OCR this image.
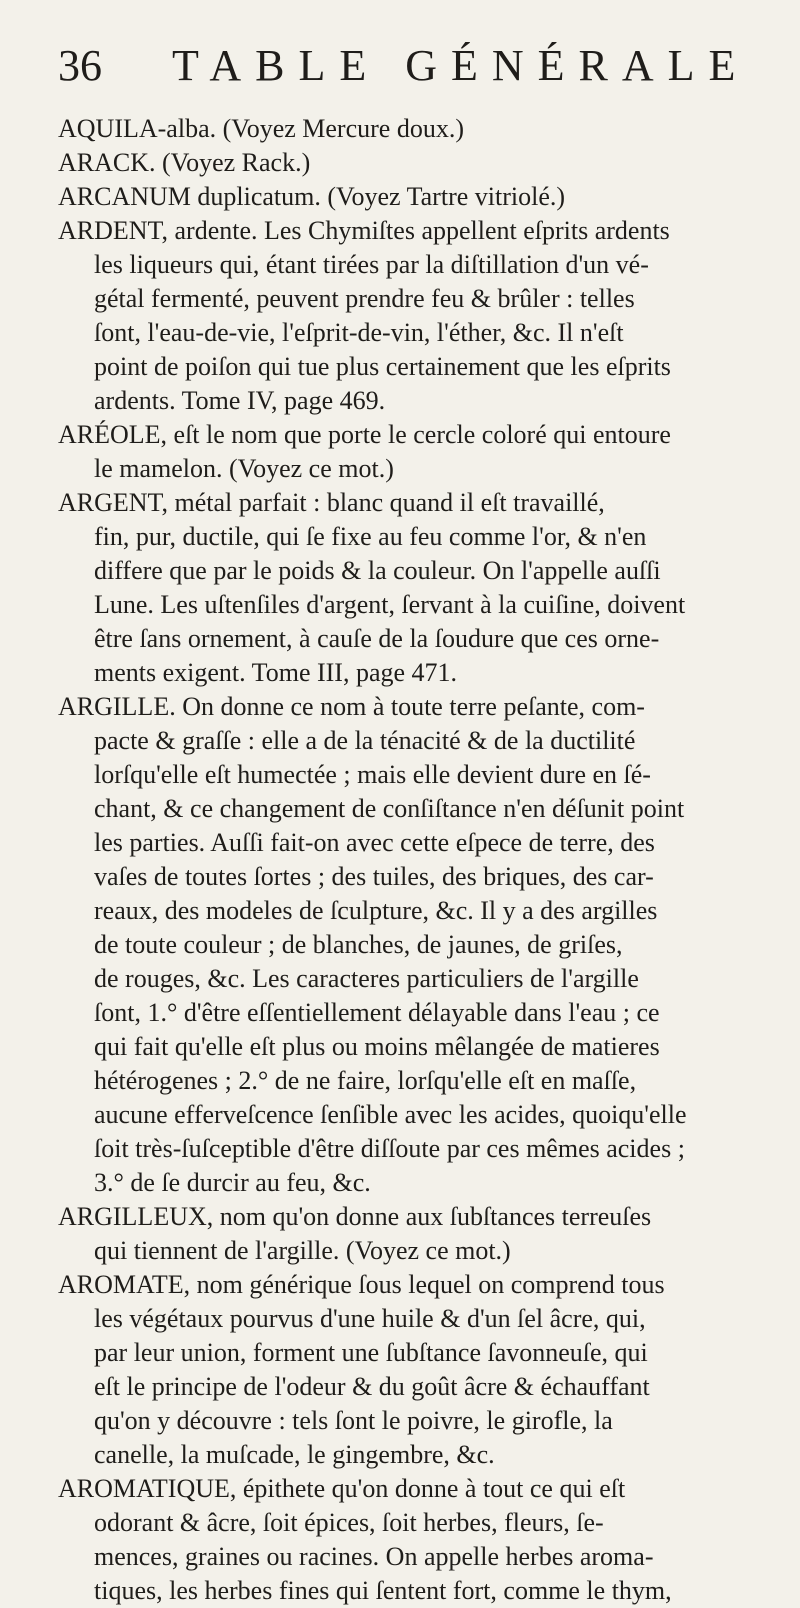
36	TABLE GÉNÉRALE
AQUILA-alba. (Voyez Mercure doux.)
ARACK. (Voyez Rack.)
ARCANUM duplicatum. (Voyez Tartre vitriolé.)
ARDENT, ardente. Les Chymiſtes appellent eſprits ardents
les liqueurs qui, étant tirées par la diſtillation d'un vé-
gétal fermenté, peuvent prendre feu & brûler : telles
ſont, l'eau-de-vie, l'eſprit-de-vin, l'éther, &c. Il n'eſt
point de poiſon qui tue plus certainement que les eſprits
ardents. Tome IV, page 469.
ARÉOLE, eſt le nom que porte le cercle coloré qui entoure
le mamelon. (Voyez ce mot.)
ARGENT, métal parfait : blanc quand il eſt travaillé,
fin, pur, ductile, qui ſe fixe au feu comme l'or, & n'en
differe que par le poids & la couleur. On l'appelle auſſi
Lune. Les uſtenſiles d'argent, ſervant à la cuiſine, doivent
être ſans ornement, à cauſe de la ſoudure que ces orne-
ments exigent. Tome III, page 471.
ARGILLE. On donne ce nom à toute terre peſante, com-
pacte & graſſe : elle a de la ténacité & de la ductilité
lorſqu'elle eſt humectée ; mais elle devient dure en ſé-
chant, & ce changement de conſiſtance n'en déſunit point
les parties. Auſſi fait-on avec cette eſpece de terre, des
vaſes de toutes ſortes ; des tuiles, des briques, des car-
reaux, des modeles de ſculpture, &c. Il y a des argilles
de toute couleur ; de blanches, de jaunes, de griſes,
de rouges, &c. Les caracteres particuliers de l'argille
ſont, 1.° d'être eſſentiellement délayable dans l'eau ; ce
qui fait qu'elle eſt plus ou moins mêlangée de matieres
hétérogenes ; 2.° de ne faire, lorſqu'elle eſt en maſſe,
aucune efferveſcence ſenſible avec les acides, quoiqu'elle
ſoit très-ſuſceptible d'être diſſoute par ces mêmes acides ;
3.° de ſe durcir au feu, &c.
ARGILLEUX, nom qu'on donne aux ſubſtances terreuſes
qui tiennent de l'argille. (Voyez ce mot.)
AROMATE, nom générique ſous lequel on comprend tous
les végétaux pourvus d'une huile & d'un ſel âcre, qui,
par leur union, forment une ſubſtance ſavonneuſe, qui
eſt le principe de l'odeur & du goût âcre & échauffant
qu'on y découvre : tels ſont le poivre, le girofle, la
canelle, la muſcade, le gingembre, &c.
AROMATIQUE, épithete qu'on donne à tout ce qui eſt
odorant & âcre, ſoit épices, ſoit herbes, fleurs, ſe-
mences, graines ou racines. On appelle herbes aroma-
tiques, les herbes fines qui ſentent fort, comme le thym,
